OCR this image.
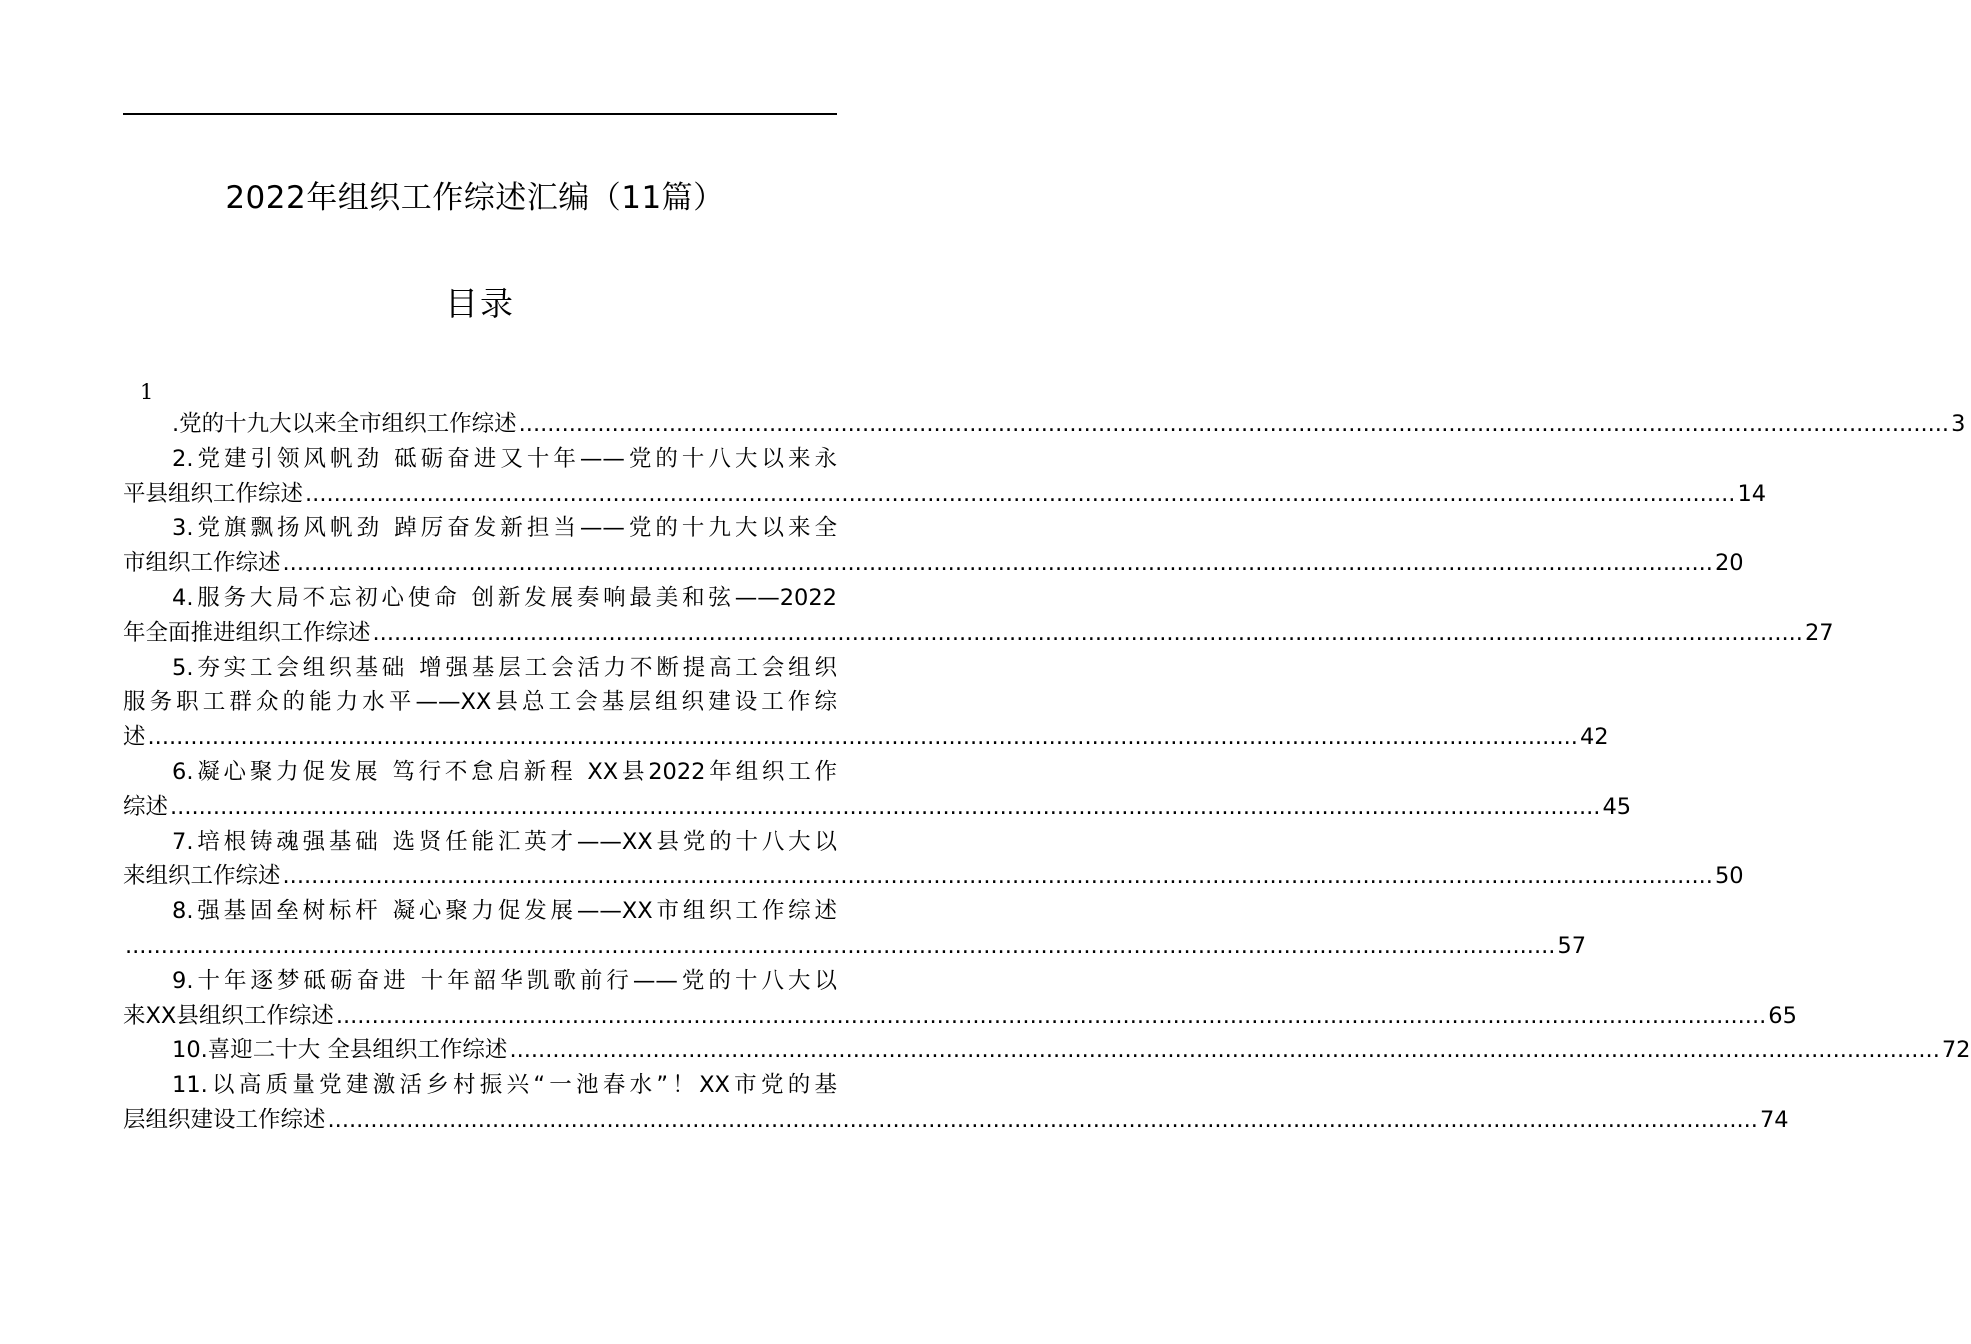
2022年组织工作综述汇编（11篇）
目录
1
.党的十九大以来全市组织工作综述 ........................................................................................................................................................................................................ 3
2.党建引领风帆劲 砥砺奋进又十年——党的十八大以来永
平县组织工作综述 ........................................................................................................................................................................................................ 14
3.党旗飘扬风帆劲 踔厉奋发新担当——党的十九大以来全
市组织工作综述 ........................................................................................................................................................................................................ 20
4.服务大局不忘初心使命 创新发展奏响最美和弦——2022
年全面推进组织工作综述 ........................................................................................................................................................................................................ 27
5.夯实工会组织基础 增强基层工会活力不断提高工会组织
服务职工群众的能力水平——XX县总工会基层组织建设工作综
述 ........................................................................................................................................................................................................ 42
6.凝心聚力促发展 笃行不怠启新程 XX县2022年组织工作
综述 ........................................................................................................................................................................................................ 45
7.培根铸魂强基础 选贤任能汇英才——XX县党的十八大以
来组织工作综述 ........................................................................................................................................................................................................ 50
8.强基固垒树标杆 凝心聚力促发展——XX市组织工作综述
........................................................................................................................................................................................................ 57
9.十年逐梦砥砺奋进 十年韶华凯歌前行——党的十八大以
来XX县组织工作综述 ........................................................................................................................................................................................................ 65
10.喜迎二十大 全县组织工作综述 ........................................................................................................................................................................................................ 72
11.以高质量党建激活乡村振兴“一池春水”！XX市党的基
层组织建设工作综述 ........................................................................................................................................................................................................ 74
